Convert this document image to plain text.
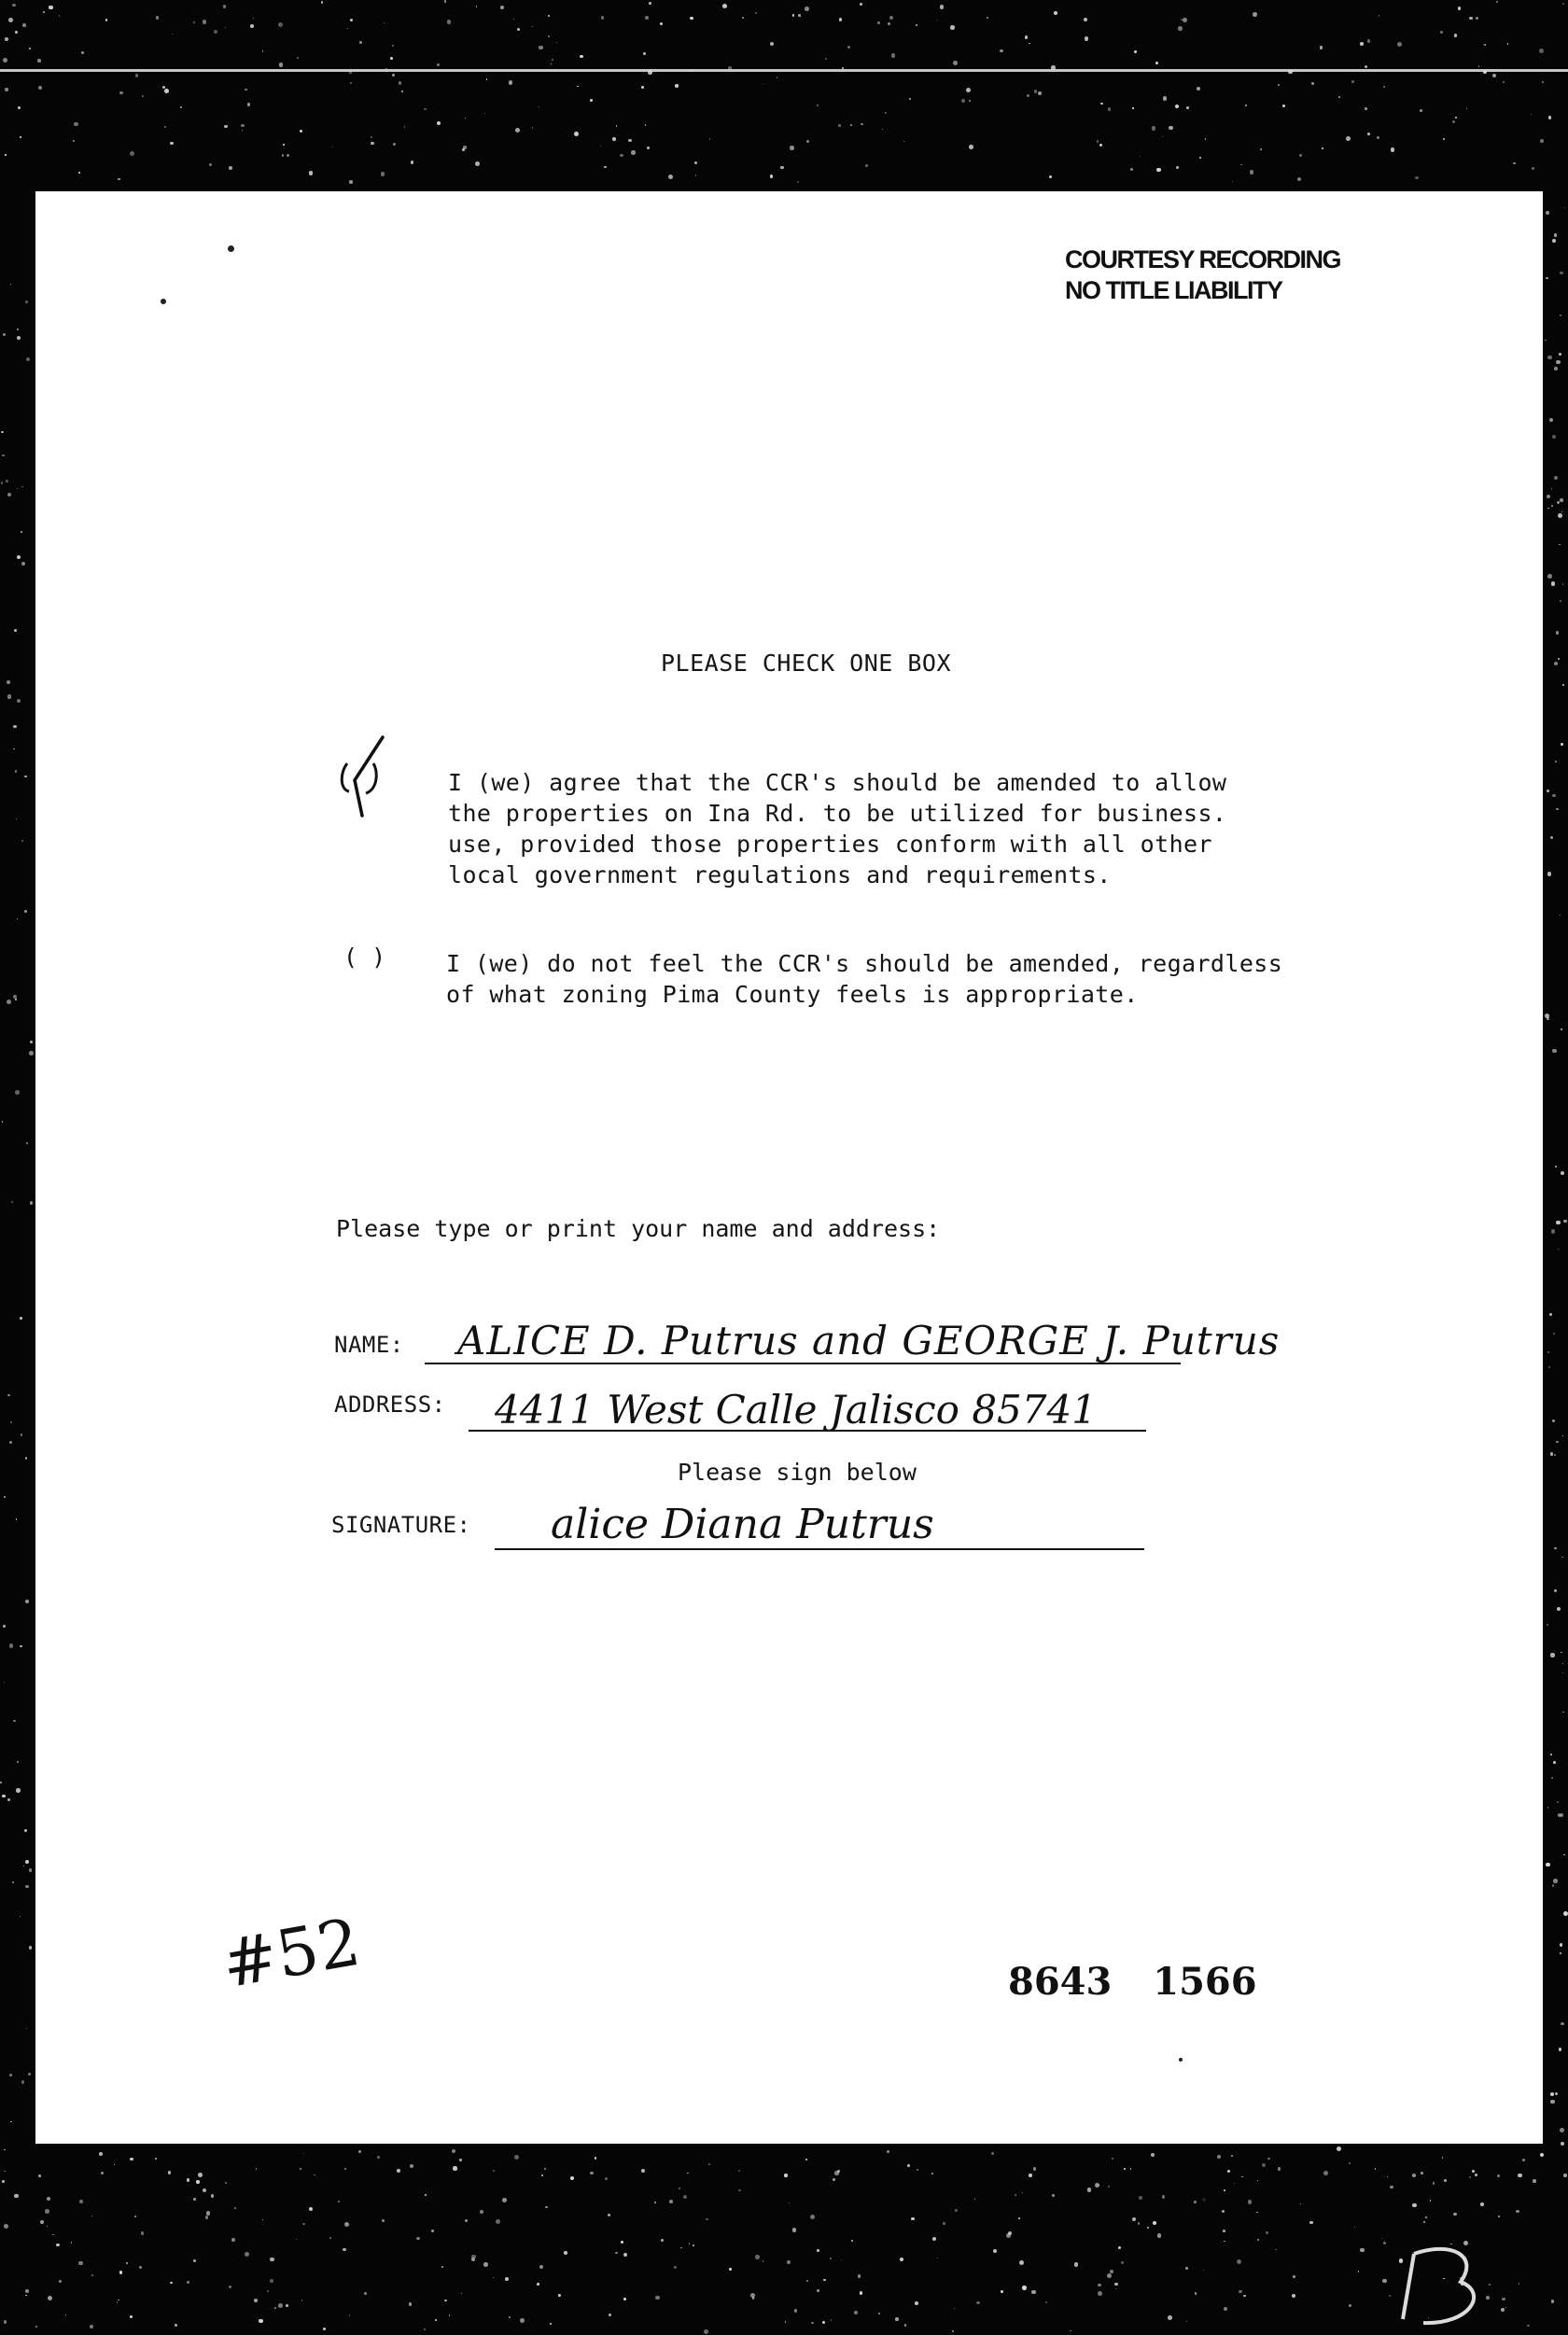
COURTESY RECORDING
NO TITLE LIABILITY
PLEASE CHECK ONE BOX
I (we) agree that the CCR's should be amended to allow
the properties on Ina Rd. to be utilized for business.
use, provided those properties conform with all other
local government regulations and requirements.
( )	I (we) do not feel the CCR's should be amended, regardless
of what zoning Pima County feels is appropriate.
Please type or print your name and address:
NAME: ALICE D. Putrus and GEORGE J. Putrus
ADDRESS: 4411 West Calle Jalisco 85741
Please sign below
SIGNATURE: alice Diana Putrus
#52	8643 1566
